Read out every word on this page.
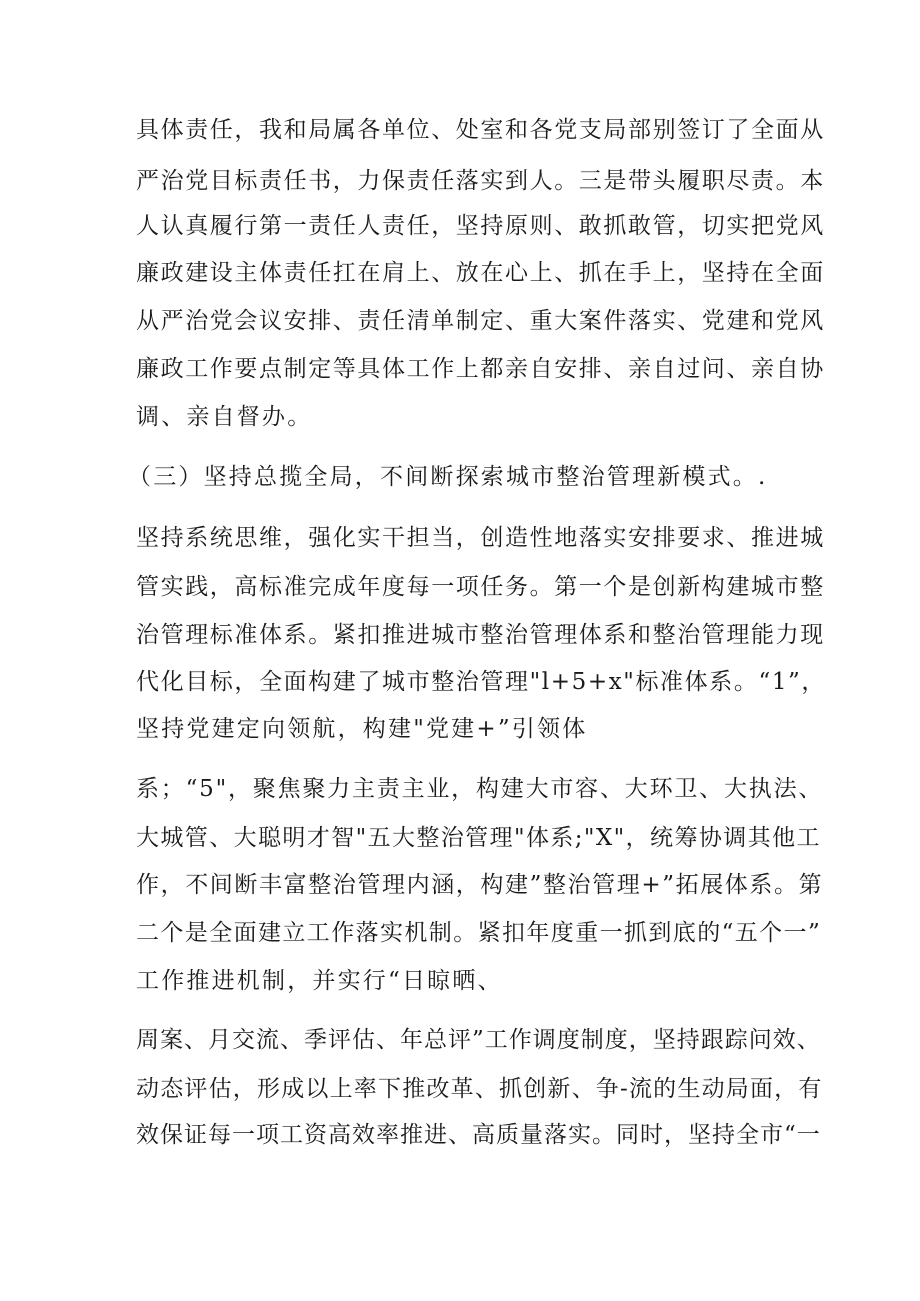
具体责任，我和局属各单位、处室和各党支局部别签订了全面从
严治党目标责任书，力保责任落实到人。三是带头履职尽责。本
人认真履行第一责任人责任，坚持原则、敢抓敢管，切实把党风
廉政建设主体责任扛在肩上、放在心上、抓在手上，坚持在全面
从严治党会议安排、责任清单制定、重大案件落实、党建和党风
廉政工作要点制定等具体工作上都亲自安排、亲自过问、亲自协
调、亲自督办。
（三）坚持总揽全局，不间断探索城市整治管理新模式。.
坚持系统思维，强化实干担当，创造性地落实安排要求、推进城
管实践，高标准完成年度每一项任务。第一个是创新构建城市整
治管理标准体系。紧扣推进城市整治管理体系和整治管理能力现
代化目标，全面构建了城市整治管理"l+5+x"标准体系。“1”，
坚持党建定向领航，构建"党建+”引领体
系；“5"，聚焦聚力主责主业，构建大市容、大环卫、大执法、
大城管、大聪明才智"五大整治管理"体系;"X"，统筹协调其他工
作，不间断丰富整治管理内涵，构建”整治管理+”拓展体系。第
二个是全面建立工作落实机制。紧扣年度重一抓到底的“五个一”
工作推进机制，并实行“日晾晒、
周案、月交流、季评估、年总评”工作调度制度，坚持跟踪问效、
动态评估，形成以上率下推改革、抓创新、争-流的生动局面，有
效保证每一项工资高效率推进、高质量落实。同时，坚持全市“一
